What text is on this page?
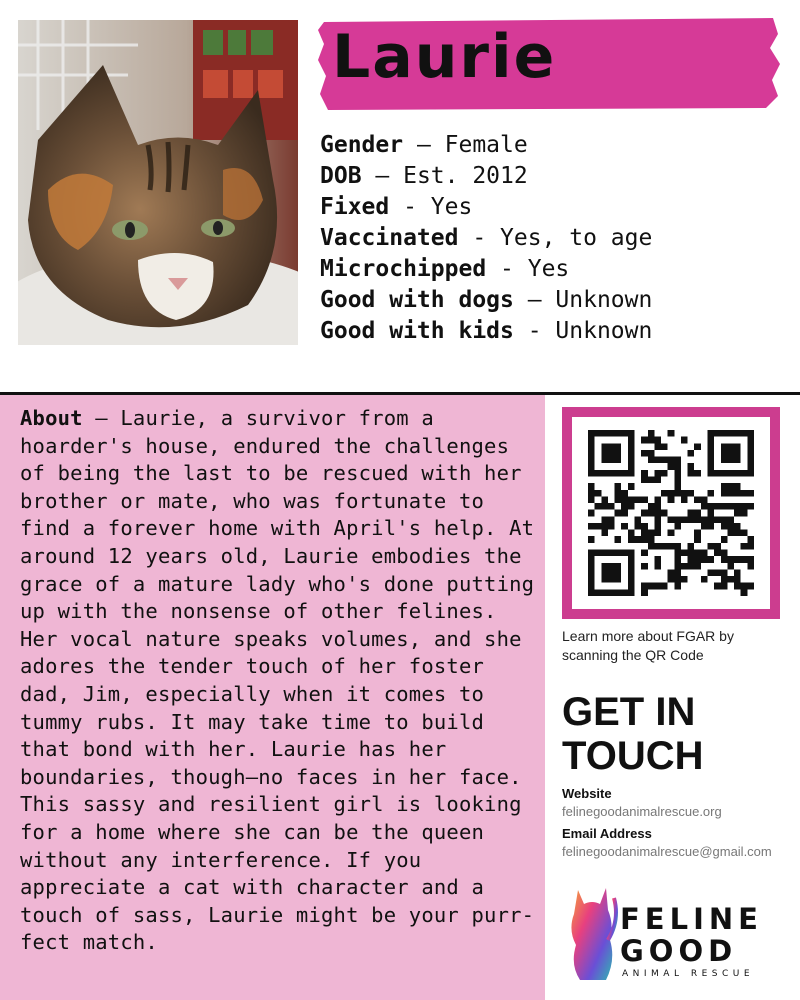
Laurie
Gender – Female
DOB – Est. 2012
Fixed - Yes
Vaccinated - Yes, to age
Microchipped - Yes
Good with dogs – Unknown
Good with kids - Unknown
About – Laurie, a survivor from a hoarder's house, endured the challenges of being the last to be rescued with her brother or mate, who was fortunate to find a forever home with April's help. At around 12 years old, Laurie embodies the grace of a mature lady who's done putting up with the nonsense of other felines. Her vocal nature speaks volumes, and she adores the tender touch of her foster dad, Jim, especially when it comes to tummy rubs. It may take time to build that bond with her. Laurie has her boundaries, though—no faces in her face. This sassy and resilient girl is looking for a home where she can be the queen without any interference. If you appreciate a cat with character and a touch of sass, Laurie might be your purr-fect match.
Learn more about FGAR by scanning the QR Code
GET IN
TOUCH
Website
felinegoodanimalrescue.org
Email Address
felinegoodanimalrescue@gmail.com
FELINE
GOOD
ANIMAL RESCUE
